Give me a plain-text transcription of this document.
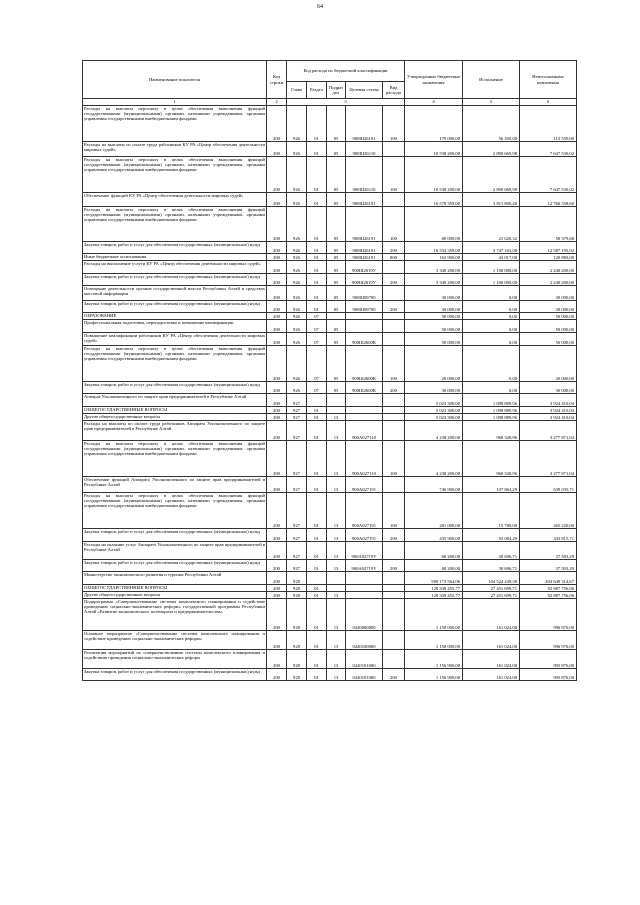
64
Наименование показателя	Код строки	Код расхода по бюджетной классификации					Утвержденные бюджетные назначения	Исполнение	Неисполненные назначения
		Глава	Раздел	Подраз дел	Целевая статья	Вид расхода			
1	2	3					4	5	6
Расходы на выплаты персоналу в целях обеспечения выполнения функций государственными (муниципальными) органами, казенными учреждениями, органами управления государственными внебюджетными фондами	200	926	01	05	900Ш26191	100	170 000,00	56 450,00	113 550,00
Расходы на выплаты по оплате труда работников КУ РА «Центр обеспечения деятельности мировых судей»	200	926	01	05	900Ш26110		10 538 200,00	2 890 669,98	7 647 530,02
Расходы на выплаты персоналу в целях обеспечения выполнения функций государственными (муниципальными) органами, казенными учреждениями, органами управления государственными внебюджетными фондами	200	926	01	05	900Ш26110	100	10 538 200,00	2 890 669,98	7 647 530,02
Обеспечение функций КУ РА «Центр обеспечения деятельности мировых судей»	200	926	01	05	900Ш26191		16 578 359,00	3 811 800,40	12 766 558,60
Расходы на выплаты персоналу в целях обеспечения выполнения функций государственными (муниципальными) органами, казенными учреждениями, органами управления государственными внебюджетными фондами	200	926	01	05	900Ш26191	100	80 000,00	21 620,32	58 379,68
Закупка товаров, работ и услуг для обеспечения государственных (муниципальных) нужд	200	926	01	05	900Ш26191	200	16 334 359,00	3 747 163,08	12 587 195,92
Иные бюджетные ассигнования	200	926	01	05	900Ш26191	800	163 900,00	43 017,00	120 883,00
Расходы на выполнение услуги КУ РА «Центр обеспечения деятельности мировых судей»	200	926	01	05	900Ш2619У		3 340 200,00	1 100 000,00	2 240 200,00
Закупка товаров, работ и услуг для обеспечения государственных (муниципальных) нужд	200	926	01	05	900Ш2619У	200	3 340 200,00	1 100 000,00	2 240 200,00
Освещение деятельности органов государственной власти Республики Алтай в средствах массовой информации	200	926	01	05	900Ш09700		30 000,00	0,00	30 000,00
Закупка товаров, работ и услуг для обеспечения государственных (муниципальных) нужд	200	926	01	05	900Ш09700	200	30 000,00	0,00	30 000,00
ОБРАЗОВАНИЕ	200	926	07				50 000,00	0,00	50 000,00
Профессиональная подготовка, переподготовка и повышение квалификации	200	926	07	05			50 000,00	0,00	50 000,00
Повышение квалификации работников КУ РА «Центр обеспечения деятельности мировых судей»	200	926	07	05	900Ш2600К		50 000,00	0,00	50 000,00
Расходы на выплаты персоналу в целях обеспечения выполнения функций государственными (муниципальными) органами, казенными учреждениями, органами управления государственными внебюджетными фондами	200	926	07	05	900Ш2600К	100	20 000,00	0,00	20 000,00
Закупка товаров, работ и услуг для обеспечения государственных (муниципальных) нужд	200	926	07	05	900Ш2600К	200	30 000,00	0,00	30 000,00
Аппарат Уполномоченного по защите прав предпринимателей в Республике Алтай	200	927					5 023 300,00	1 098 889,96	3 924 410,04
ОБЩЕГОСУДАРСТВЕННЫЕ ВОПРОСЫ	200	927	01				5 023 300,00	1 098 889,96	3 924 410,04
Другие общегосударственные вопросы	200	927	01	13			5 023 300,00	1 098 889,96	3 924 410,04
Расходы на выплаты по оплате труда работников Аппарата Уполномоченного по защите прав предпринимателей в Республике Алтай	200	927	01	13	900А027110		4 238 200,00	960 328,96	3 277 871,04
Расходы на выплаты персоналу в целях обеспечения выполнения функций государственными (муниципальными) органами, казенными учреждениями, органами управления государственными внебюджетными фондами	200	927	01	13	900А027110	100	4 238 200,00	960 328,96	3 277 871,04
Обеспечение функций Аппарата Уполномоченного по защите прав предпринимателей в Республике Алтай	200	927	01	13	900А027191		746 900,00	107 864,29	639 035,71
Расходы на выплаты персоналу в целях обеспечения выполнения функций государственными (муниципальными) органами, казенными учреждениями, органами управления государственными внебюджетными фондами	200	927	01	13	900А027191	100	281 000,00	15 780,00	265 220,00
Закупка товаров, работ и услуг для обеспечения государственных (муниципальных) нужд	200	927	01	13	900А027191	200	435 900,00	92 084,29	343 815,71
Расходы на оказание услуг Аппарата Уполномоченного по защите прав предпринимателей в Республике Алтай	200	927	01	13	900А02719У		68 200,00	30 696,71	37 503,29
Закупка товаров, работ и услуг для обеспечения государственных (муниципальных) нужд	200	927	01	13	900А02719У	200	68 200,00	30 696,71	37 503,29
Министерство экономического развития и туризма Республики Алтай	200	928					509 173 564,06	104 524 249,39	404 649 314,67
ОБЩЕГОСУДАРСТВЕННЫЕ ВОПРОСЫ	200	928	01				120 339 455,77	27 451 699,71	92 887 756,06
Другие общегосударственные вопросы	200	928	01	13			120 339 455,77	27 451 699,71	92 887 756,06
Подпрограмма «Совершенствование системы комплексного планирования и содействие проведению социально-экономических реформ» государственной программы Республики Алтай «Развитие экономического потенциала и предпринимательства»	200	928	01	13	0420000000		1 158 000,00	161 024,00	996 976,00
Основное мероприятие «Совершенствование системы комплексного планирования и содействие проведению социально-экономических реформ»	200	928	01	13	0420100000		1 158 000,00	161 024,00	996 976,00
Реализация мероприятий по совершенствованию системы комплексного планирования и содействию проведения социально-экономических реформ	200	928	01	13	0420101000		1 156 900,00	161 024,00	995 876,00
Закупка товаров, работ и услуг для обеспечения государственных (муниципальных) нужд	200	928	01	13	0420101000	200	1 156 900,00	161 024,00	995 876,00
